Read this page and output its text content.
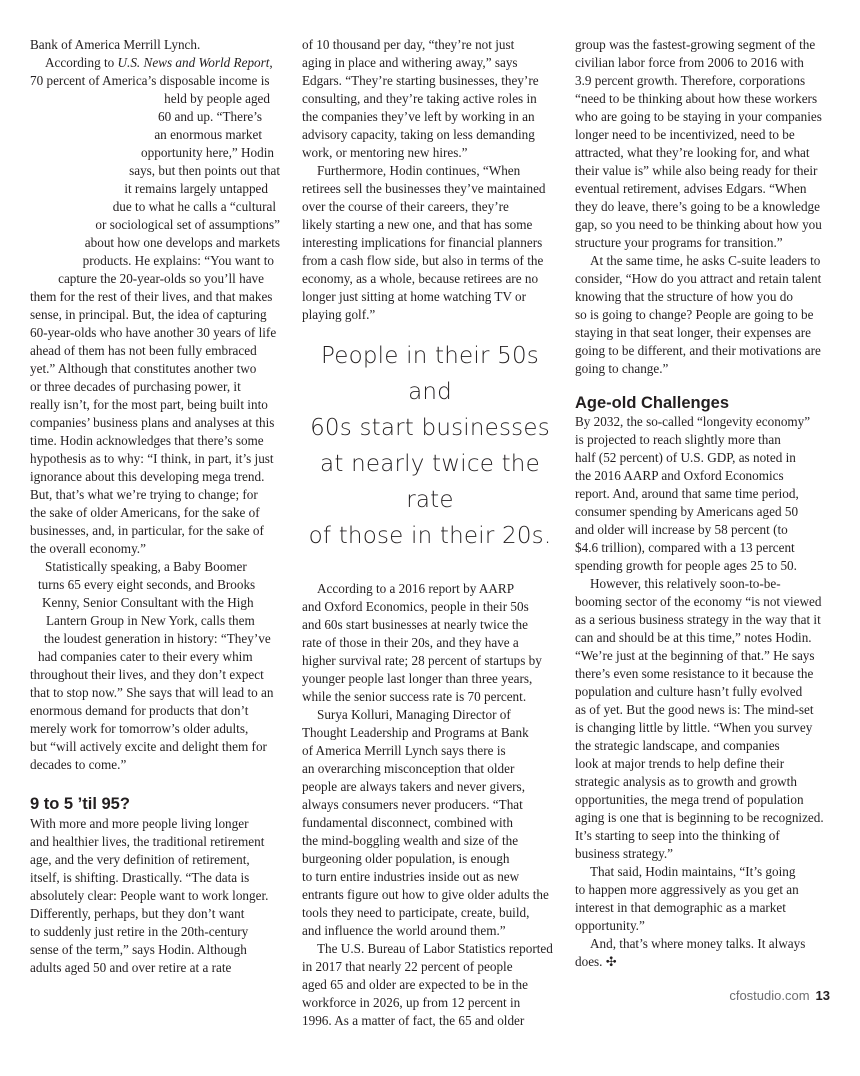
Bank of America Merrill Lynch.
According to U.S. News and World Report,
70 percent of America’s disposable income is
held by people aged
60 and up. “There’s
an enormous market
opportunity here,” Hodin
says, but then points out that
it remains largely untapped
due to what he calls a “cultural
or sociological set of assumptions”
about how one develops and markets
products. He explains: “You want to
capture the 20-year-olds so you’ll have
them for the rest of their lives, and that makes
sense, in principal. But, the idea of capturing
60-year-olds who have another 30 years of life
ahead of them has not been fully embraced
yet.” Although that constitutes another two
or three decades of purchasing power, it
really isn’t, for the most part, being built into
companies’ business plans and analyses at this
time. Hodin acknowledges that there’s some
hypothesis as to why: “I think, in part, it’s just
ignorance about this developing mega trend.
But, that’s what we’re trying to change; for
the sake of older Americans, for the sake of
businesses, and, in particular, for the sake of
the overall economy.”
Statistically speaking, a Baby Boomer
turns 65 every eight seconds, and Brooks
Kenny, Senior Consultant with the High
Lantern Group in New York, calls them
the loudest generation in history: “They’ve
had companies cater to their every whim
throughout their lives, and they don’t expect
that to stop now.” She says that will lead to an
enormous demand for products that don’t
merely work for tomorrow’s older adults,
but “will actively excite and delight them for
decades to come.”
9 to 5 ’til 95?
With more and more people living longer
and healthier lives, the traditional retirement
age, and the very definition of retirement,
itself, is shifting. Drastically. “The data is
absolutely clear: People want to work longer.
Differently, perhaps, but they don’t want
to suddenly just retire in the 20th-century
sense of the term,” says Hodin. Although
adults aged 50 and over retire at a rate
of 10 thousand per day, “they’re not just
aging in place and withering away,” says
Edgars. “They’re starting businesses, they’re
consulting, and they’re taking active roles in
the companies they’ve left by working in an
advisory capacity, taking on less demanding
work, or mentoring new hires.”
Furthermore, Hodin continues, “When
retirees sell the businesses they’ve maintained
over the course of their careers, they’re
likely starting a new one, and that has some
interesting implications for financial planners
from a cash flow side, but also in terms of the
economy, as a whole, because retirees are no
longer just sitting at home watching TV or
playing golf.”
People in their 50s and
60s start businesses
at nearly twice the rate
of those in their 20s.
According to a 2016 report by AARP
and Oxford Economics, people in their 50s
and 60s start businesses at nearly twice the
rate of those in their 20s, and they have a
higher survival rate; 28 percent of startups by
younger people last longer than three years,
while the senior success rate is 70 percent.
Surya Kolluri, Managing Director of
Thought Leadership and Programs at Bank
of America Merrill Lynch says there is
an overarching misconception that older
people are always takers and never givers,
always consumers never producers. “That
fundamental disconnect, combined with
the mind-boggling wealth and size of the
burgeoning older population, is enough
to turn entire industries inside out as new
entrants figure out how to give older adults the
tools they need to participate, create, build,
and influence the world around them.”
The U.S. Bureau of Labor Statistics reported
in 2017 that nearly 22 percent of people
aged 65 and older are expected to be in the
workforce in 2026, up from 12 percent in
1996. As a matter of fact, the 65 and older
group was the fastest-growing segment of the
civilian labor force from 2006 to 2016 with
3.9 percent growth. Therefore, corporations
“need to be thinking about how these workers
who are going to be staying in your companies
longer need to be incentivized, need to be
attracted, what they’re looking for, and what
their value is” while also being ready for their
eventual retirement, advises Edgars. “When
they do leave, there’s going to be a knowledge
gap, so you need to be thinking about how you
structure your programs for transition.”
At the same time, he asks C-suite leaders to
consider, “How do you attract and retain talent
knowing that the structure of how you do
so is going to change? People are going to be
staying in that seat longer, their expenses are
going to be different, and their motivations are
going to change.”
Age-old Challenges
By 2032, the so-called “longevity economy”
is projected to reach slightly more than
half (52 percent) of U.S. GDP, as noted in
the 2016 AARP and Oxford Economics
report. And, around that same time period,
consumer spending by Americans aged 50
and older will increase by 58 percent (to
$4.6 trillion), compared with a 13 percent
spending growth for people ages 25 to 50.
However, this relatively soon-to-be-
booming sector of the economy “is not viewed
as a serious business strategy in the way that it
can and should be at this time,” notes Hodin.
“We’re just at the beginning of that.” He says
there’s even some resistance to it because the
population and culture hasn’t fully evolved
as of yet. But the good news is: The mind-set
is changing little by little. “When you survey
the strategic landscape, and companies
look at major trends to help define their
strategic analysis as to growth and growth
opportunities, the mega trend of population
aging is one that is beginning to be recognized.
It’s starting to seep into the thinking of
business strategy.”
That said, Hodin maintains, “It’s going
to happen more aggressively as you get an
interest in that demographic as a market
opportunity.”
And, that’s where money talks. It always
does. ✣
cfostudio.com 13
